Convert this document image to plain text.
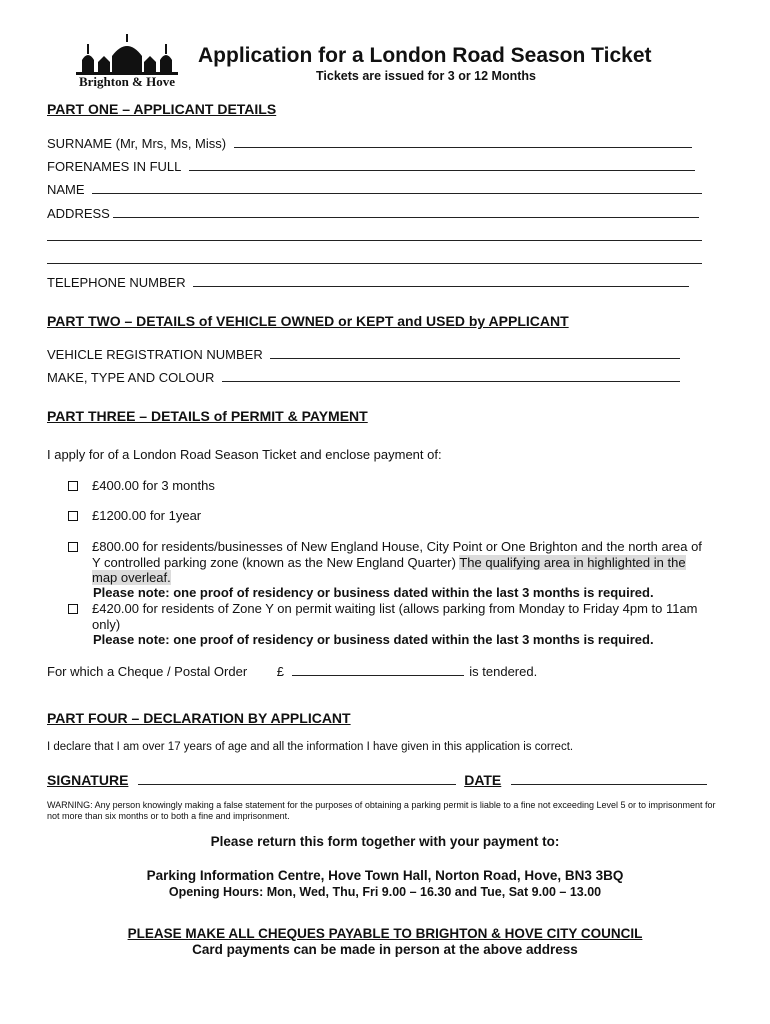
Brighton & Hove
Application for a London Road Season Ticket
Tickets are issued for 3 or 12 Months
PART ONE – APPLICANT DETAILS
SURNAME (Mr, Mrs, Ms, Miss)
FORENAMES IN FULL
NAME
ADDRESS
TELEPHONE NUMBER
PART TWO – DETAILS of VEHICLE OWNED or KEPT and USED by APPLICANT
VEHICLE REGISTRATION NUMBER
MAKE, TYPE AND COLOUR
PART THREE – DETAILS of PERMIT & PAYMENT
I apply for of a London Road Season Ticket and enclose payment of:
£400.00 for 3 months
£1200.00 for 1year
£800.00 for residents/businesses of New England House, City Point or One Brighton and the north area of Y controlled parking zone (known as the New England Quarter) The qualifying area in highlighted in the map overleaf.
Please note: one proof of residency or business dated within the last 3 months is required.
£420.00 for residents of Zone Y on permit waiting list (allows parking from Monday to Friday 4pm to 11am only)
Please note: one proof of residency or business dated within the last 3 months is required.
For which a Cheque / Postal Order £	is tendered.
PART FOUR – DECLARATION BY APPLICANT
I declare that I am over 17 years of age and all the information I have given in this application is correct.
SIGNATURE	DATE
WARNING: Any person knowingly making a false statement for the purposes of obtaining a parking permit is liable to a fine not exceeding Level 5 or to imprisonment for not more than six months or to both a fine and imprisonment.
Please return this form together with your payment to:
Parking Information Centre, Hove Town Hall, Norton Road, Hove, BN3 3BQ
Opening Hours: Mon, Wed, Thu, Fri 9.00 – 16.30 and Tue, Sat 9.00 – 13.00
PLEASE MAKE ALL CHEQUES PAYABLE TO BRIGHTON & HOVE CITY COUNCIL
Card payments can be made in person at the above address
